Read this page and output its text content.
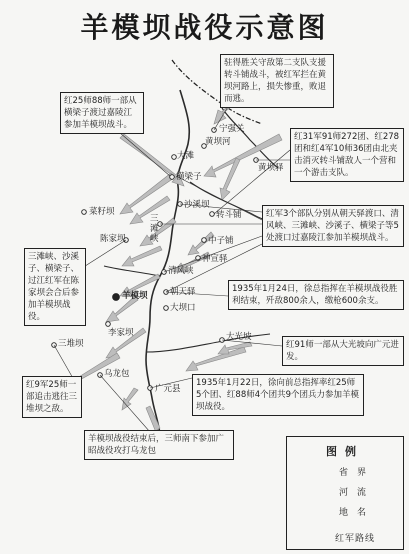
羊模坝战役示意图
宁强关
黄坝河
黄坝驿
大滩
横梁子
沙溪坝
转斗铺
三滩峡	中子铺
神宣驿
菜籽坝
陈家坝
清风峡
朝天驿
大坝口
羊模坝
李家坝
三堆坝
乌龙包
广元县
大光坡
驻得胜关守敌第二支队支援转斗铺战斗，被红军拦在黄坝河路上，损失惨重，败退而逃。
红25师88师一部从横梁子渡过嘉陵江参加羊模坝战斗。
红31军91师272团、红278团和红4军10师36团由北夹击消灭转斗铺敌人一个营和一个游击支队。
红军3个部队分别从朝天驿渡口、清风峡、三滩峡、沙溪子、横梁子等5处渡口过嘉陵江参加羊模坝战斗。
三滩峡、沙溪子、横梁子、过江红军在陈家坝会合后参加羊模坝战役。
1935年1月24日，徐总指挥在羊模坝战役胜利结束，歼敌800余人，缴枪600余支。
红91师一部从大光坡向广元进发。
红9军25师一部追击逃往三堆坝之敌。
1935年1月22日，徐向前总指挥率红25师5个团、红88师4个团共9个团兵力参加羊模坝战役。
羊模坝战役结束后，三师南下参加广昭战役攻打乌龙包	图例
省界
河流
地名
红军路线
